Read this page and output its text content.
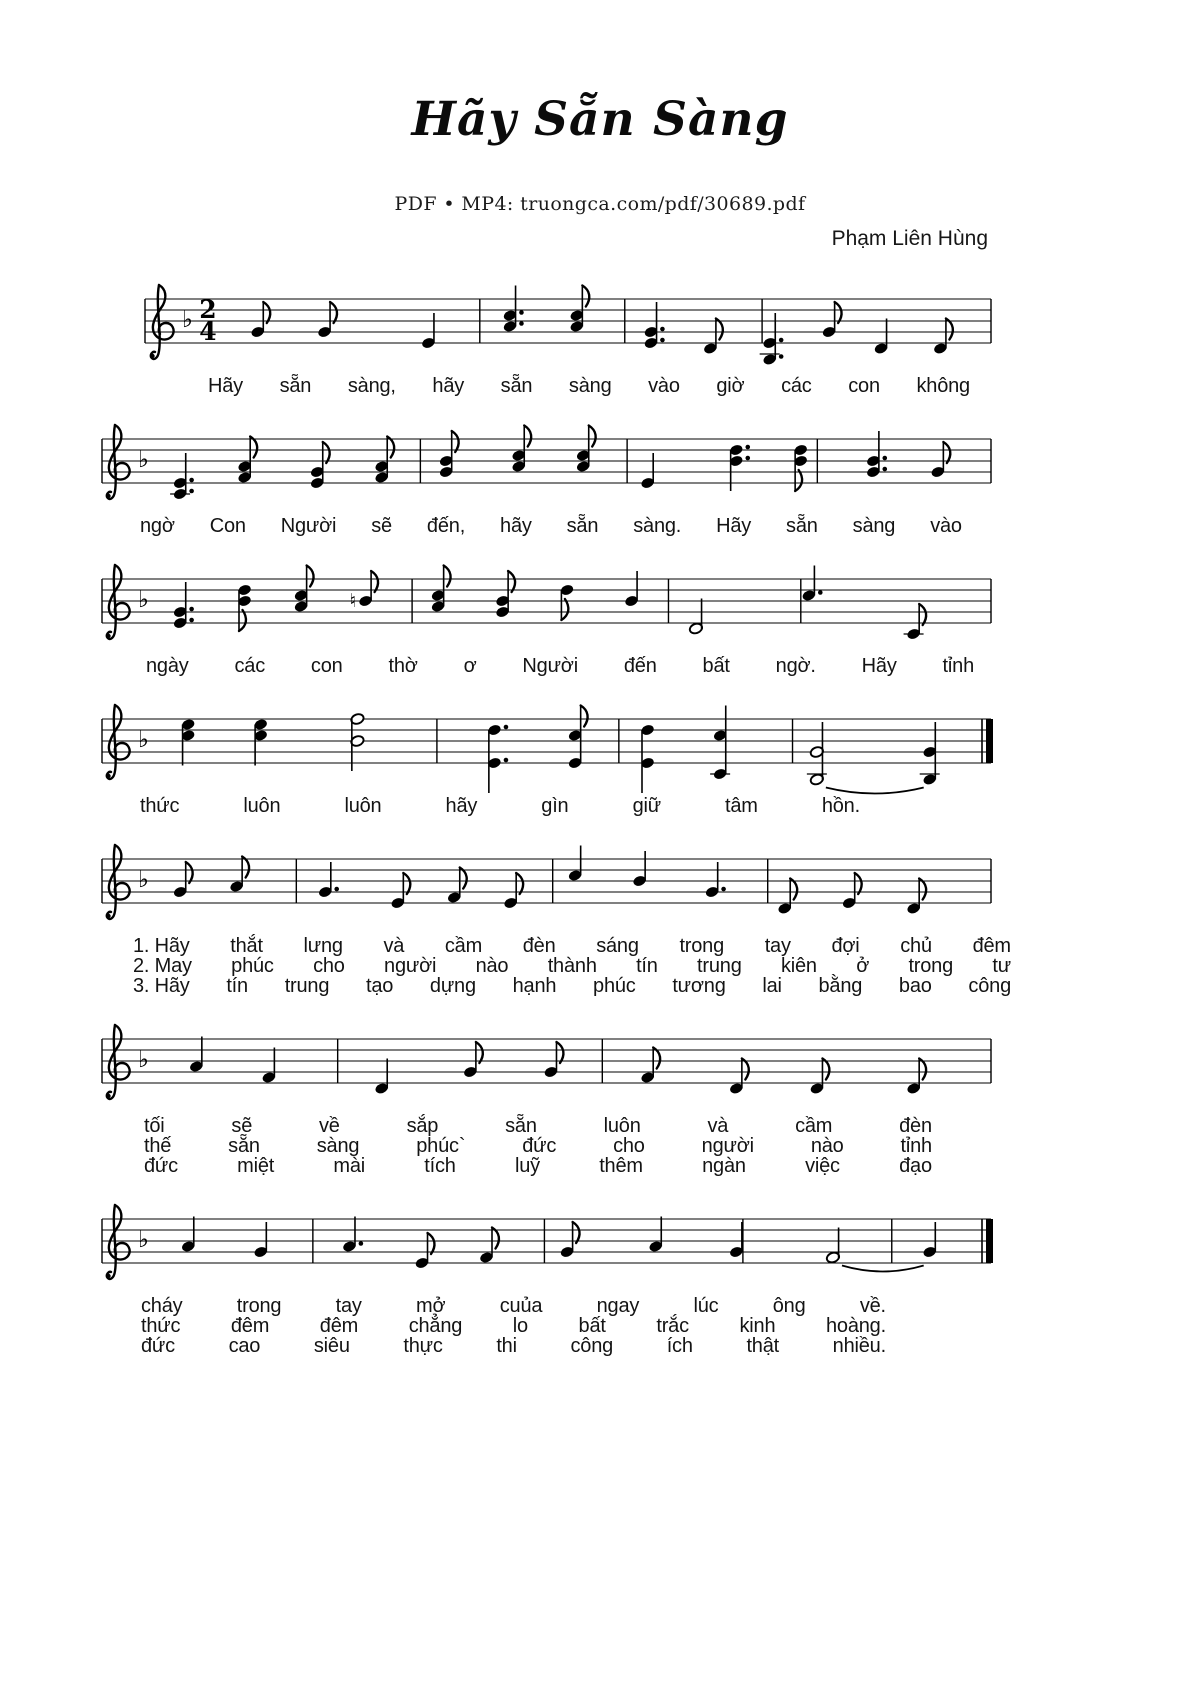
Hãy Sẵn Sàng
PDF • MP4: truongca.com/pdf/30689.pdf
Phạm Liên Hùng
♭ 2
4
Hãy sẵn sàng, hãy sẵn sàng vào giờ các con không
♭
ngờ Con Người sẽ đến, hãy sẵn sàng. Hãy sẵn sàng vào
♭	♮
ngày các con thờ ơ Người đến bất ngờ. Hãy tỉnh
♭
thức	luôn	luôn	hãy	gìn	giữ	tâm	hồn.
♭
1. Hãy thắt lưng và cầm đèn sáng trong tay đợi chủ đêm
2. May phúc cho người nào thành tín trung kiên ở trong tư
3. Hãy tín trung tạo dựng hạnh phúc tương lai bằng bao công
♭
tối	sẽ	về	sắp	sẵn	luôn	và	cầm	đèn
thế	sẵn	sàng	phúc`	đức	cho	người	nào	tỉnh
đức	miệt	mài	tích	luỹ	thêm	ngàn	việc	đạo
♭
cháy	trong	tay	mở	cuủa	ngay	lúc	ông	về.
thức	đêm	đêm	chẳng	lo	bất	trắc	kinh	hoàng.
đức	cao	siêu	thực	thi	công	ích	thật	nhiều.
